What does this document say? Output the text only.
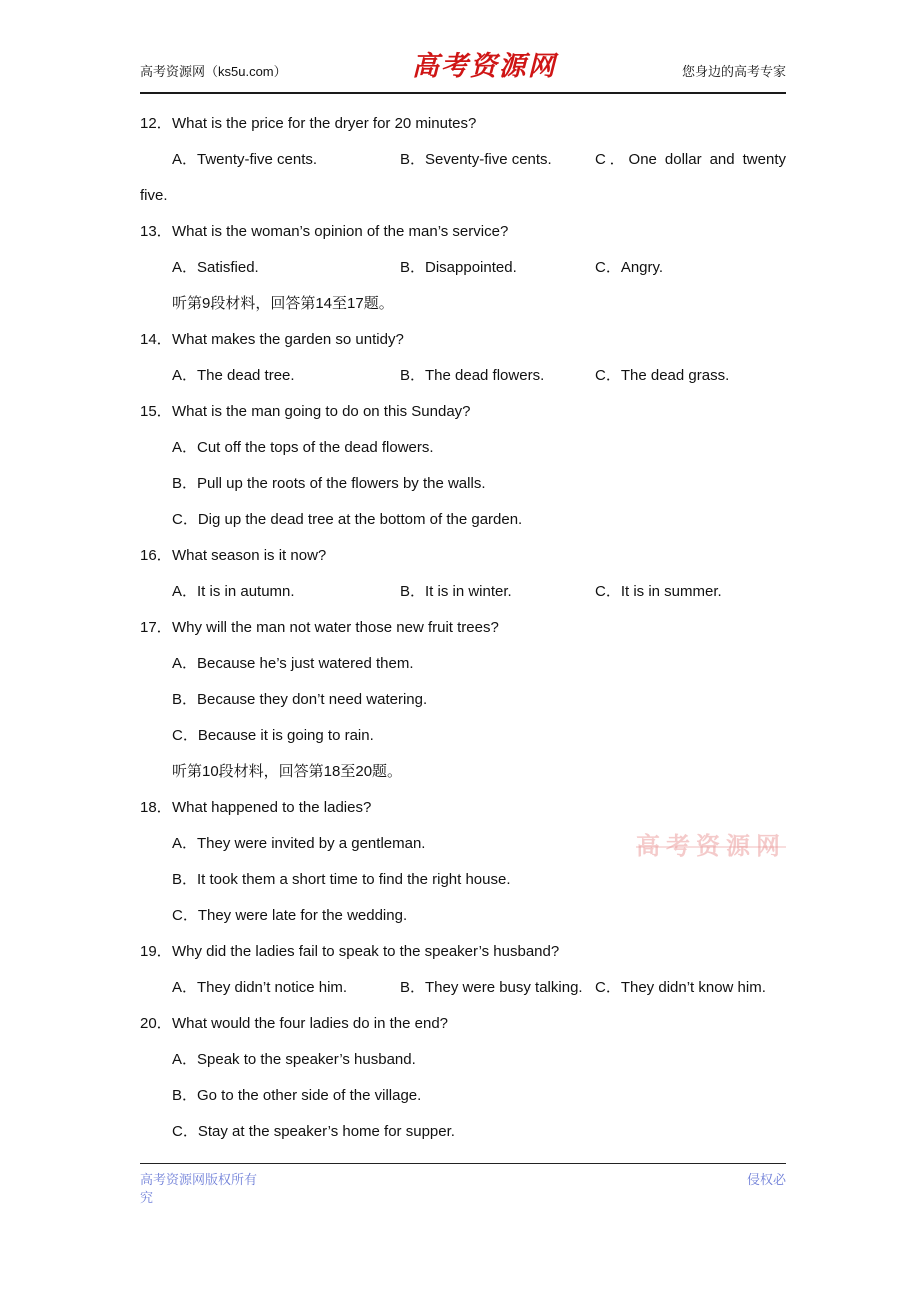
高考资源网（ks5u.com）	高考资源网	您身边的高考专家
12． What is the price for the dryer for 20 minutes?
A．Twenty-five cents.	B．Seventy-five cents.	C．One dollar and twenty
five.
13． What is the woman’s opinion of the man’s service?
A．Satisfied.	B．Disappointed.	C．Angry.
听第9段材料，回答第14至17题。
14． What makes the garden so untidy?
A．The dead tree.	B．The dead flowers.	C．The dead grass.
15． What is the man going to do on this Sunday?
A．Cut off the tops of the dead flowers.
B．Pull up the roots of the flowers by the walls.
C．Dig up the dead tree at the bottom of the garden.
16． What season is it now?
A．It is in autumn.	B．It is in winter.	C．It is in summer.
17． Why will the man not water those new fruit trees?
A．Because he’s just watered them.
B．Because they don’t need watering.
C．Because it is going to rain.
听第10段材料，回答第18至20题。
18． What happened to the ladies?
A．They were invited by a gentleman.
B．It took them a short time to find the right house.
C．They were late for the wedding.
19． Why did the ladies fail to speak to the speaker’s husband?
A．They didn’t notice him.	B．They were busy talking. C．They didn’t know him.
20． What would the four ladies do in the end?
A．Speak to the speaker’s husband.
B．Go to the other side of the village.
C．Stay at the speaker’s home for supper.
高考资源网
高考资源网版权所有	侵权必
究
